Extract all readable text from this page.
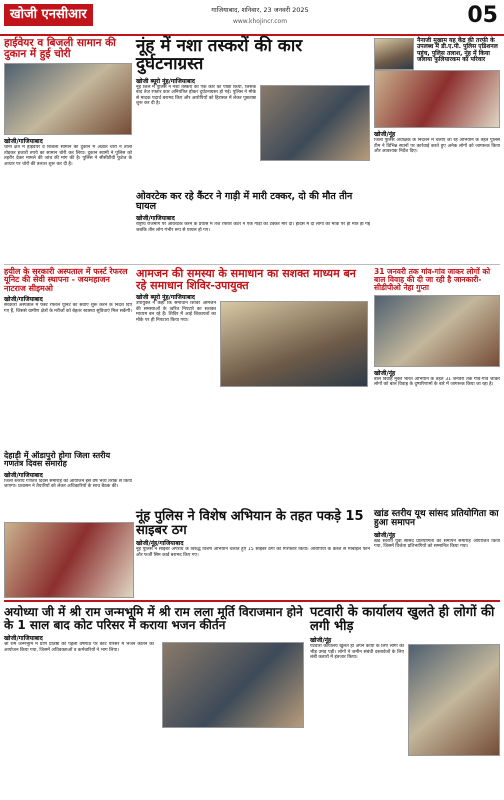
खोजी एनसीआर	गाजियाबाद, शनिवार, 23 जनवरी 2025
www.khojincr.com	05
हाईवेयर व बिजली सामान की दुकान में हुई चोरी
खोजी/गाजियाबाद
थाना क्षेत्र में हाईवेयर व बिजली सामान की दुकान में अज्ञात चोरों ने ताला तोड़कर हजारों रुपये का सामान चोरी कर लिया। दुकान स्वामी ने पुलिस को तहरीर देकर मामले की जांच की मांग की है। पुलिस ने सीसीटीवी फुटेज के आधार पर चोरों की तलाश शुरू कर दी है।
नूंह में नशा तस्करों की कार दुर्घटनाग्रस्त
खोजी ब्यूरो नूंह/गाजियाबाद
नूंह जिले में पुलिस ने नशा तस्करों की एक कार का पीछा किया, जिसके बाद तेज रफ्तार कार अनियंत्रित होकर दुर्घटनाग्रस्त हो गई। पुलिस ने मौके से मादक पदार्थ बरामद किए और आरोपियों को हिरासत में लेकर पूछताछ शुरू कर दी है।
नैनाजी मुखाम यह केंद्र की तरफी के उपलब्ध में डी.ए.पी. पुलिस एडिशनल पहुंच, पुलिस तलाश, नूंह में किया जलाया फुलियारकम का परिवार
खोजी/नूंह
जिला पुलिस अधीक्षक के निर्देशन में चलाए जा रहे अभियान के तहत पुलिस टीम ने विभिन्न स्थानों पर कार्रवाई करते हुए अनेक लोगों को जागरूक किया और आवश्यक निर्देश दिए।
ओवरटेक कर रहे कैंटर ने गाड़ी में मारी टक्कर, दो की मौत तीन घायल
खोजी/गाजियाबाद
राष्ट्रीय राजमार्ग पर ओवरटेक करने के प्रयास में तेज रफ्तार कैंटर ने एक गाड़ी को टक्कर मार दी। हादसे में दो लोगों की मौके पर ही मौत हो गई जबकि तीन लोग गंभीर रूप से घायल हो गए।
हयील के सरकारी अस्पताल में फर्स्ट रेफरल यूनिट की सेवी स्थापना - जयमहाजन नाटराज सीइमओ
खोजी/गाजियाबाद
सरकारी अस्पताल में फर्स्ट रेफरल यूनिट की सेवाएं शुरू करने के निर्देश दिए गए हैं, जिससे ग्रामीण क्षेत्रों के मरीजों को बेहतर स्वास्थ्य सुविधाएं मिल सकेंगी।
आमजन की समस्या के समाधान का सशक्त माध्यम बन रहे समाधान शिविर-उपायुक्त
खोजी ब्यूरो नूंह/गाजियाबाद
उपायुक्त ने कहा कि समाधान शिविर आमजन की समस्याओं के त्वरित निपटारे का सशक्त माध्यम बन रहे हैं। शिविर में आई शिकायतों का मौके पर ही निपटारा किया गया।
31 जनवरी तक गांव-गांव जाकर लोगों को बाल विवाह की दी जा रही है जानकारी-सीडीपीओ नेहा गुप्ता
खोजी/नूंह
बाल विवाह मुक्त भारत अभियान के तहत 31 जनवरी तक गांव-गांव जाकर लोगों को बाल विवाह के दुष्परिणामों के बारे में जागरूक किया जा रहा है।
देहाड़ी में ऑडापुरो होगा जिला स्तरीय गणतंत्र दिवस समारोह
खोजी/गाजियाबाद
जिला स्तरीय गणतंत्र दिवस समारोह का आयोजन इस वर्ष भव्य तरीके से किया जाएगा। प्रशासन ने तैयारियों को लेकर अधिकारियों के साथ बैठक की।
नूंह पुलिस ने विशेष अभियान के तहत पकड़े 15 साइबर ठग
खोजी/नूंह/गाजियाबाद
नूंह पुलिस ने साइबर अपराध के विरुद्ध विशेष अभियान चलाते हुए 15 साइबर ठगों को गिरफ्तार किया। आरोपियों के कब्जे से मोबाइल फोन और फर्जी सिम कार्ड बरामद किए गए।
खांड स्तरीय यूथ सांसद प्रतियोगिता का हुआ समापन
खोजी/नूंह
खंड स्तरीय युवा सांसद प्रतियोगिता का समापन समारोह आयोजित किया गया, जिसमें विजेता प्रतिभागियों को सम्मानित किया गया।
अयोध्या जी में श्री राम जन्मभूमि में श्री राम लला मूर्ति विराजमान होने के 1 साल बाद कोट परिसर में कराया भजन कीर्तन
खोजी/गाजियाबाद
श्री राम जन्मभूमि में प्राण प्रतिष्ठा की पहली वर्षगांठ पर कोर्ट परिसर में भजन कीर्तन का आयोजन किया गया, जिसमें अधिवक्ताओं व कर्मचारियों ने भाग लिया।
पटवारी के कार्यालय खुलते ही लोगों की लगी भीड़
खोजी/नूंह
पटवारी कार्यालय खुलते ही अपने कार्यों के लिए लोगों की भीड़ उमड़ पड़ी। लोगों ने जमीन संबंधी दस्तावेजों के लिए लंबी कतारों में इंतजार किया।
